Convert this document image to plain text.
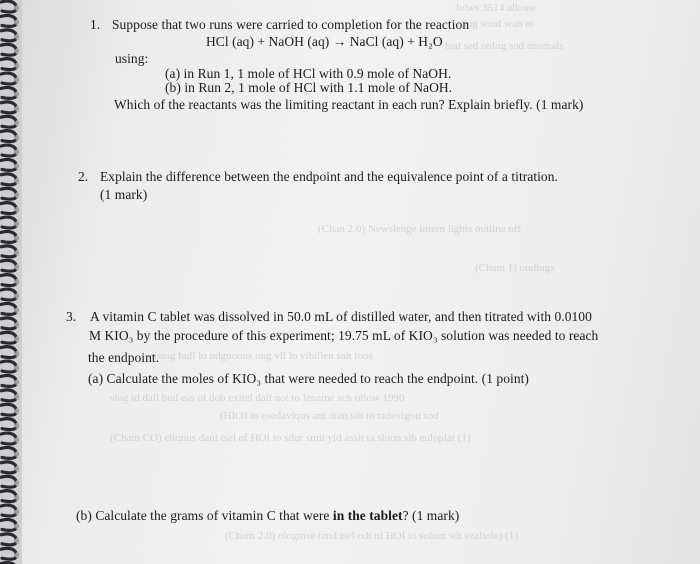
Jobes 3514 alkone
ring sond wab to
bad sed onlog sod anomals
(Chan 2.0) Newslenge intern lights outline off
(Cham 1) ondings
sistog bull lo ndgnoons ong vll lo vibillen sait toos
slog id dall bud eas ol dob exitel dall not to lenaine sch ollow 1990
(HIOJ to esedavlqus ant dian sib to tadevlgou sod
(Cham CO) eliqnus danl tsel of HOI to sdur smit yid assit ta sloon sib euloplat (1)
(Cham 2.0) ologmse tand tsel odt ni HOI to solom sdt ezaliole) (1)
1. Suppose that two runs were carried to completion for the reaction
HCl (aq) + NaOH (aq) → NaCl (aq) + H₂O
using:
(a) in Run 1, 1 mole of HCl with 0.9 mole of NaOH.
(b) in Run 2, 1 mole of HCl with 1.1 mole of NaOH.
Which of the reactants was the limiting reactant in each run? Explain briefly. (1 mark)
2. Explain the difference between the endpoint and the equivalence point of a titration.
(1 mark)
3. A vitamin C tablet was dissolved in 50.0 mL of distilled water, and then titrated with 0.0100
M KIO₃ by the procedure of this experiment; 19.75 mL of KIO₃ solution was needed to reach
the endpoint.
(a) Calculate the moles of KIO₃ that were needed to reach the endpoint. (1 point)
(b) Calculate the grams of vitamin C that were in the tablet? (1 mark)
